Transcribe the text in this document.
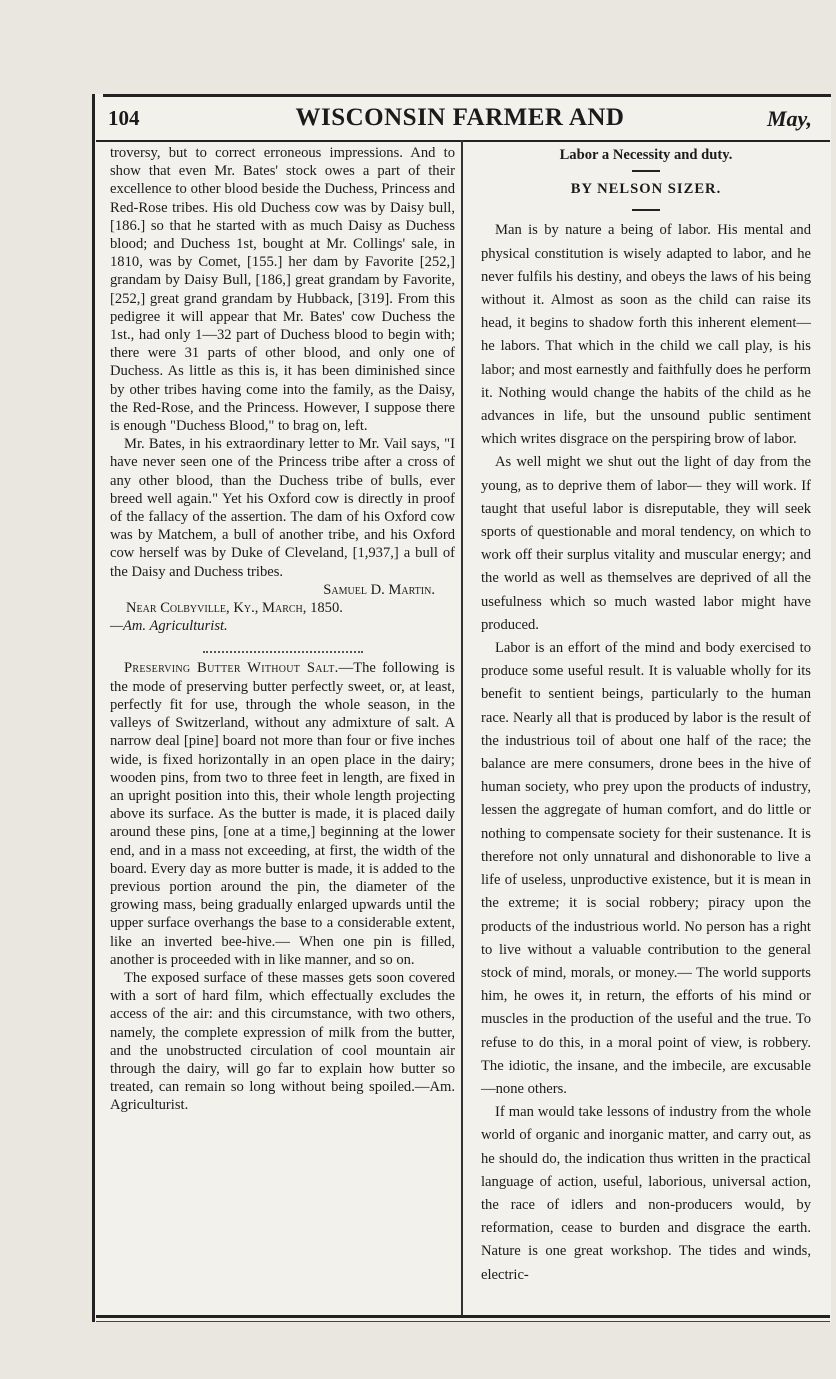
104	WISCONSIN FARMER AND	May,

troversy, but to correct erroneous impressions. And to show that even Mr. Bates' stock owes a part of their excellence to other blood beside the Duchess, Princess and Red-Rose tribes. His old Duchess cow was by Daisy bull, [186.] so that he started with as much Daisy as Duchess blood; and Duchess 1st, bought at Mr. Collings' sale, in 1810, was by Comet, [155.] her dam by Favorite [252,] grandam by Daisy Bull, [186,] great grandam by Favorite, [252,] great grand grandam by Hubback, [319]. From this pedigree it will appear that Mr. Bates' cow Duchess the 1st., had only 1—32 part of Duchess blood to begin with; there were 31 parts of other blood, and only one of Duchess. As little as this is, it has been diminished since by other tribes having come into the family, as the Daisy, the Red-Rose, and the Princess. However, I suppose there is enough "Duchess Blood," to brag on, left.

Mr. Bates, in his extraordinary letter to Mr. Vail says, "I have never seen one of the Princess tribe after a cross of any other blood, than the Duchess tribe of bulls, ever breed well again." Yet his Oxford cow is directly in proof of the fallacy of the assertion. The dam of his Oxford cow was by Matchem, a bull of another tribe, and his Oxford cow herself was by Duke of Cleveland, [1,937,] a bull of the Daisy and Duchess tribes.

Samuel D. Martin.

Near Colbyville, Ky., March, 1850.

—Am. Agriculturist.

Preserving Butter Without Salt.—The following is the mode of preserving butter perfectly sweet, or, at least, perfectly fit for use, through the whole season, in the valleys of Switzerland, without any admixture of salt. A narrow deal [pine] board not more than four or five inches wide, is fixed horizontally in an open place in the dairy; wooden pins, from two to three feet in length, are fixed in an upright position into this, their whole length projecting above its surface. As the butter is made, it is placed daily around these pins, [one at a time,] beginning at the lower end, and in a mass not exceeding, at first, the width of the board. Every day as more butter is made, it is added to the previous portion around the pin, the diameter of the growing mass, being gradually enlarged upwards until the upper surface overhangs the base to a considerable extent, like an inverted bee-hive.— When one pin is filled, another is proceeded with in like manner, and so on.

The exposed surface of these masses gets soon covered with a sort of hard film, which effectually excludes the access of the air: and this circumstance, with two others, namely, the complete expression of milk from the butter, and the unobstructed circulation of cool mountain air through the dairy, will go far to explain how butter so treated, can remain so long without being spoiled.—Am. Agriculturist.

Labor a Necessity and duty.

BY NELSON SIZER.

Man is by nature a being of labor. His mental and physical constitution is wisely adapted to labor, and he never fulfils his destiny, and obeys the laws of his being without it. Almost as soon as the child can raise its head, it begins to shadow forth this inherent element—he labors. That which in the child we call play, is his labor; and most earnestly and faithfully does he perform it. Nothing would change the habits of the child as he advances in life, but the unsound public sentiment which writes disgrace on the perspiring brow of labor.

As well might we shut out the light of day from the young, as to deprive them of labor— they will work. If taught that useful labor is disreputable, they will seek sports of questionable and moral tendency, on which to work off their surplus vitality and muscular energy; and the world as well as themselves are deprived of all the usefulness which so much wasted labor might have produced.

Labor is an effort of the mind and body exercised to produce some useful result. It is valuable wholly for its benefit to sentient beings, particularly to the human race. Nearly all that is produced by labor is the result of the industrious toil of about one half of the race; the balance are mere consumers, drone bees in the hive of human society, who prey upon the products of industry, lessen the aggregate of human comfort, and do little or nothing to compensate society for their sustenance. It is therefore not only unnatural and dishonorable to live a life of useless, unproductive existence, but it is mean in the extreme; it is social robbery; piracy upon the products of the industrious world. No person has a right to live without a valuable contribution to the general stock of mind, morals, or money.— The world supports him, he owes it, in return, the efforts of his mind or muscles in the production of the useful and the true. To refuse to do this, in a moral point of view, is robbery. The idiotic, the insane, and the imbecile, are excusable—none others.

If man would take lessons of industry from the whole world of organic and inorganic matter, and carry out, as he should do, the indication thus written in the practical language of action, useful, laborious, universal action, the race of idlers and non-producers would, by reformation, cease to burden and disgrace the earth. Nature is one great workshop. The tides and winds, electric-
